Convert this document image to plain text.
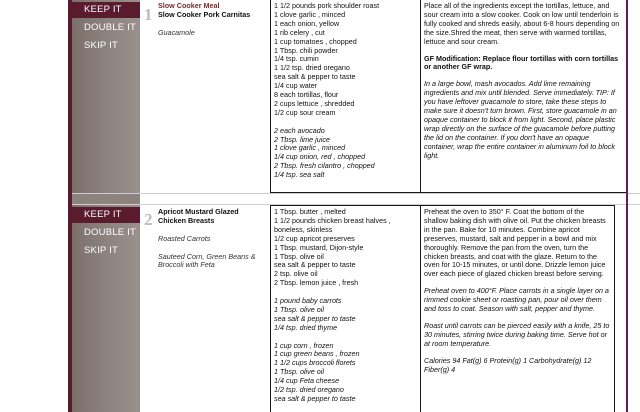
KEEP IT
DOUBLE IT
SKIP IT
KEEP IT
DOUBLE IT
SKIP IT
1 Slow Cooker Meal
Slow Cooker Pork Carnitas
Guacamole
1 1/2 pounds pork shoulder roast
1 clove garlic , minced
1 each onion, yellow
1 rib celery , cut
1 cup tomatoes , chopped
1 Tbsp. chili powder
1/4 tsp. cumin
1 1/2 tsp. dried oregano
sea salt & pepper to taste
1/4 cup water
8 each tortillas, flour
2 cups lettuce , shredded
1/2 cup sour cream
2 each avocado
2 Tbsp. lime juice
1 clove garlic , minced
1/4 cup onion, red , chopped
2 Tbsp. fresh cilantro , chopped
1/4 tsp. sea salt
Place all of the ingredients except the tortillas, lettuce, and sour cream into a slow cooker. Cook on low until tenderloin is fully cooked and shreds easily, about 6-8 hours depending on the size.Shred the meat, then serve with warmed tortillas, lettuce and sour cream.
GF Modification: Replace flour tortillas with corn tortillas or another GF wrap.
In a large bowl, mash avocados. Add lime remaining ingredients and mix until blended. Serve immediately. TIP: If you have leftover guacamole to store, take these steps to make sure it doesn't turn brown. First, store guacamole in an opaque container to block it from light. Second, place plastic wrap directly on the surface of the guacamole before putting the lid on the container. If you don't have an opaque container, wrap the entire container in aluminum foil to block light.
2 Apricot Mustard Glazed Chicken Breasts
Roasted Carrots
Sauteed Corn, Green Beans & Broccoli with Feta
1 Tbsp. butter , melted
1 1/2 pounds chicken breast halves ,
boneless, skinless
1/2 cup apricot preserves
1 Tbsp. mustard, Dijon-style
1 Tbsp. olive oil
sea salt & pepper to taste
2 tsp. olive oil
2 Tbsp. lemon juice , fresh
1 pound baby carrots
1 Tbsp. olive oil
sea salt & pepper to taste
1/4 tsp. dried thyme
1 cup corn , frozen
1 cup green beans , frozen
1 1/2 cups broccoli florets
1 Tbsp. olive oil
1/4 cup Feta cheese
1/2 tsp. dried oregano
sea salt & pepper to taste
Preheat the oven to 350° F. Coat the bottom of the shallow baking dish with olive oil. Put the chicken breasts in the pan. Bake for 10 minutes. Combine apricot preserves, mustard, salt and pepper in a bowl and mix thoroughly. Remove the pan from the oven, turn the chicken breasts, and coat with the glaze. Return to the oven for 10-15 minutes, or until done. Drizzle lemon juice over each piece of glazed chicken breast before serving.
Preheat oven to 400°F. Place carrots in a single layer on a rimmed cookie sheet or roasting pan, pour oil over them and toss to coat. Season with salt, pepper and thyme.
Roast until carrots can be pierced easily with a knife, 25 to 30 minutes, stirring twice during baking time. Serve hot or at room temperature.
Calories 94 Fat(g) 6 Protein(g) 1 Carbohydrate(g) 12 Fiber(g) 4
